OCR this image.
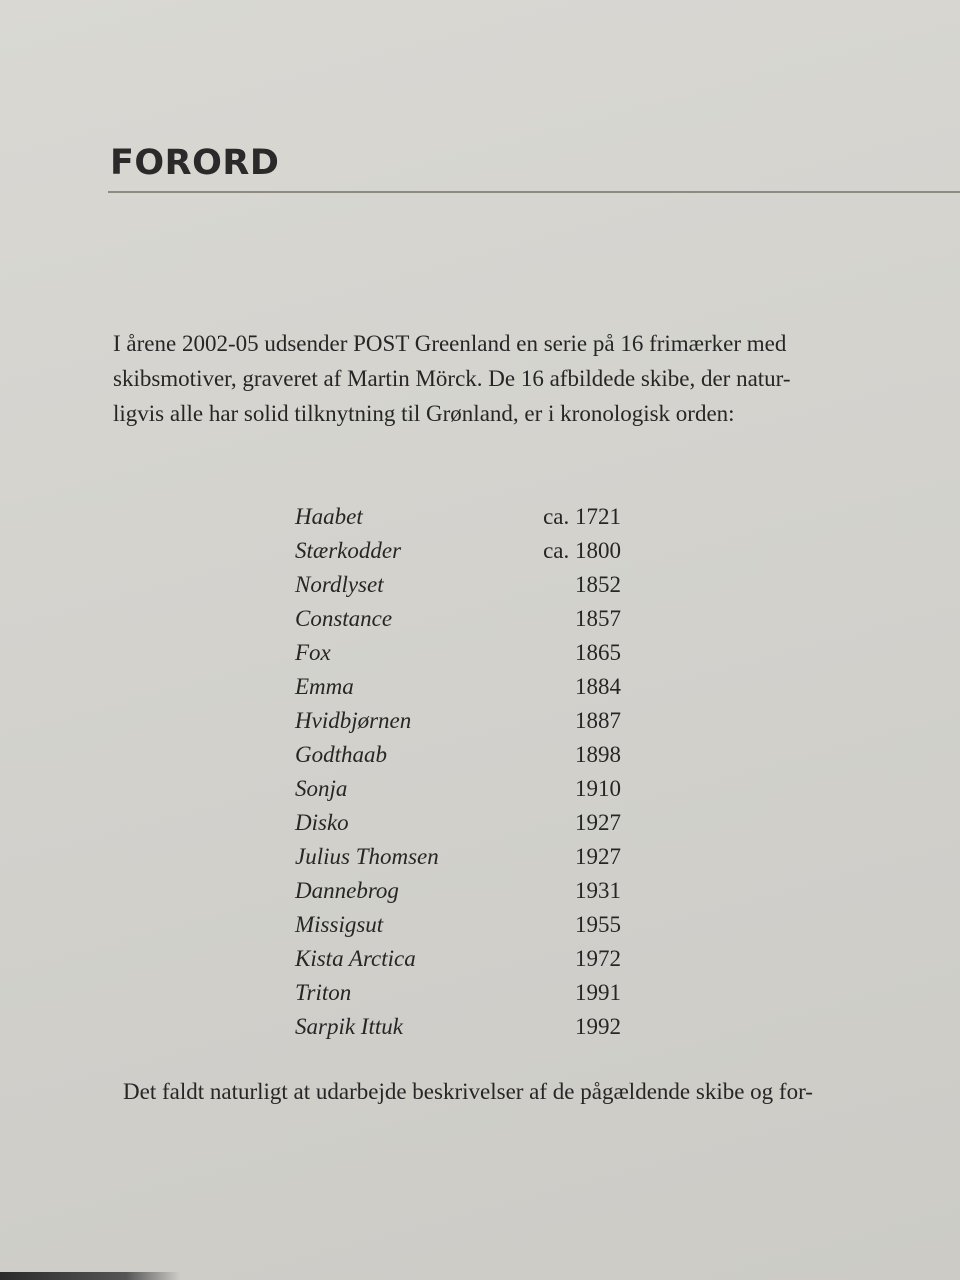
FORORD

I årene 2002-05 udsender POST Greenland en serie på 16 frimærker med
skibsmotiver, graveret af Martin Mörck. De 16 afbildede skibe, der natur-
ligvis alle har solid tilknytning til Grønland, er i kronologisk orden:

Haabet	ca. 1721
Stærkodder	ca. 1800
Nordlyset	1852
Constance	1857
Fox	1865
Emma	1884
Hvidbjørnen	1887
Godthaab	1898
Sonja	1910
Disko	1927
Julius Thomsen	1927
Dannebrog	1931
Missigsut	1955
Kista Arctica	1972
Triton	1991
Sarpik Ittuk	1992

Det faldt naturligt at udarbejde beskrivelser af de pågældende skibe og for-
